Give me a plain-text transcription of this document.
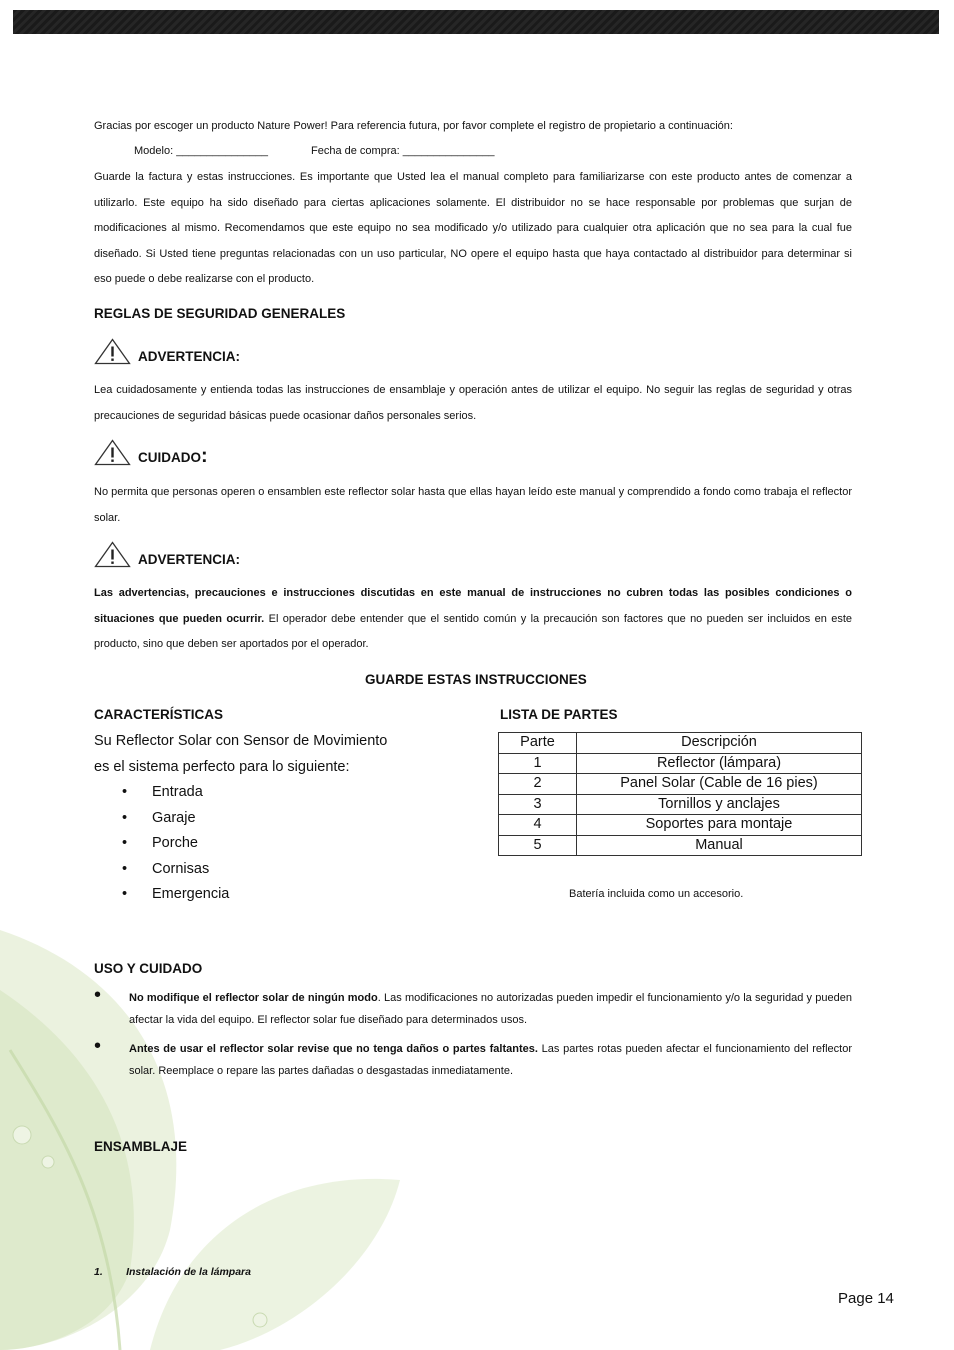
Gracias por escoger un producto Nature Power! Para referencia futura, por favor complete el registro de propietario a continuación:
Modelo: _______________	Fecha de compra: _______________
Guarde la factura y estas instrucciones. Es importante que Usted lea el manual completo para familiarizarse con este producto antes de comenzar a utilizarlo. Este equipo ha sido diseñado para ciertas aplicaciones solamente. El distribuidor no se hace responsable por problemas que surjan de modificaciones al mismo. Recomendamos que este equipo no sea modificado y/o utilizado para cualquier otra aplicación que no sea para la cual fue diseñado. Si Usted tiene preguntas relacionadas con un uso particular, NO opere el equipo hasta que haya contactado al distribuidor para determinar si eso puede o debe realizarse con el producto.
REGLAS DE SEGURIDAD GENERALES
ADVERTENCIA:
Lea cuidadosamente y entienda todas las instrucciones de ensamblaje y operación antes de utilizar el equipo. No seguir las reglas de seguridad y otras precauciones de seguridad básicas puede ocasionar daños personales serios.
CUIDADO:
No permita que personas operen o ensamblen este reflector solar hasta que ellas hayan leído este manual y comprendido a fondo como trabaja el reflector solar.
ADVERTENCIA:
Las advertencias, precauciones e instrucciones discutidas en este manual de instrucciones no cubren todas las posibles condiciones o situaciones que pueden ocurrir. El operador debe entender que el sentido común y la precaución son factores que no pueden ser incluidos en este producto, sino que deben ser aportados por el operador.
GUARDE ESTAS INSTRUCCIONES
CARACTERÍSTICAS
Su Reflector Solar con Sensor de Movimiento
es el sistema perfecto para lo siguiente:
• Entrada
• Garaje
• Porche
• Cornisas
• Emergencia
LISTA DE PARTES
Parte	Descripción
1	Reflector (lámpara)
2	Panel Solar (Cable de 16 pies)
3	Tornillos y anclajes
4	Soportes para montaje
5	Manual
Batería incluida como un accesorio.
USO Y CUIDADO
•	No modifique el reflector solar de ningún modo. Las modificaciones no autorizadas pueden impedir el funcionamiento y/o la seguridad y pueden afectar la vida del equipo. El reflector solar fue diseñado para determinados usos.
•	Antes de usar el reflector solar revise que no tenga daños o partes faltantes. Las partes rotas pueden afectar el funcionamiento del reflector solar. Reemplace o repare las partes dañadas o desgastadas inmediatamente.
ENSAMBLAJE
1.        Instalación de la lámpara
Page 14
